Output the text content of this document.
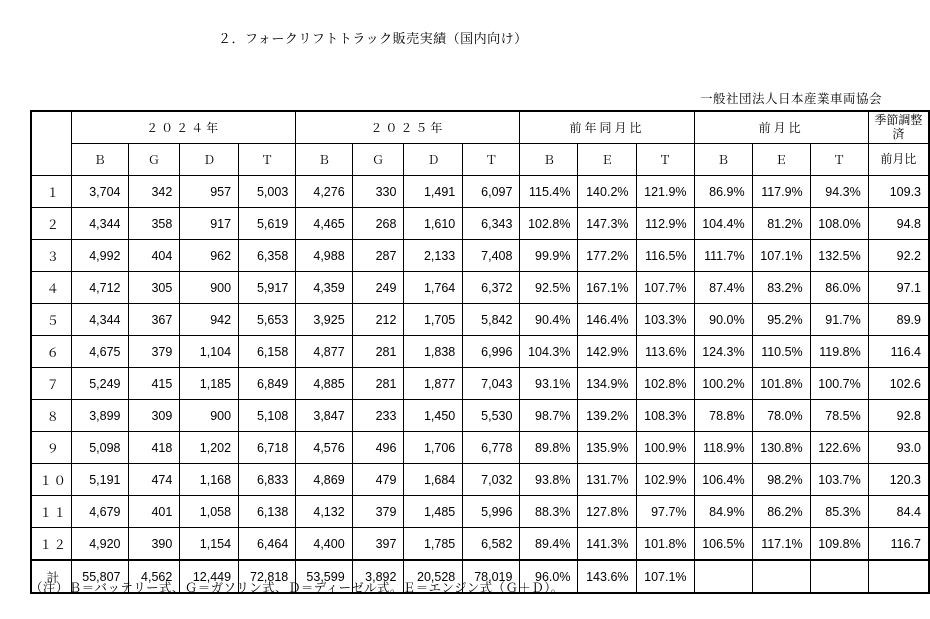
２．フォークリフトトラック販売実績（国内向け）
一般社団法人日本産業車両協会
	２０２４年				２０２５年				前年同月比			前月比			季節調整済
	Ｂ	Ｇ	Ｄ	Ｔ	Ｂ	Ｇ	Ｄ	Ｔ	Ｂ	Ｅ	Ｔ	Ｂ	Ｅ	Ｔ	前月比
１	3,704	342	957	5,003	4,276	330	1,491	6,097	115.4%	140.2%	121.9%	86.9%	117.9%	94.3%	109.3
２	4,344	358	917	5,619	4,465	268	1,610	6,343	102.8%	147.3%	112.9%	104.4%	81.2%	108.0%	94.8
３	4,992	404	962	6,358	4,988	287	2,133	7,408	99.9%	177.2%	116.5%	111.7%	107.1%	132.5%	92.2
４	4,712	305	900	5,917	4,359	249	1,764	6,372	92.5%	167.1%	107.7%	87.4%	83.2%	86.0%	97.1
５	4,344	367	942	5,653	3,925	212	1,705	5,842	90.4%	146.4%	103.3%	90.0%	95.2%	91.7%	89.9
６	4,675	379	1,104	6,158	4,877	281	1,838	6,996	104.3%	142.9%	113.6%	124.3%	110.5%	119.8%	116.4
７	5,249	415	1,185	6,849	4,885	281	1,877	7,043	93.1%	134.9%	102.8%	100.2%	101.8%	100.7%	102.6
８	3,899	309	900	5,108	3,847	233	1,450	5,530	98.7%	139.2%	108.3%	78.8%	78.0%	78.5%	92.8
９	5,098	418	1,202	6,718	4,576	496	1,706	6,778	89.8%	135.9%	100.9%	118.9%	130.8%	122.6%	93.0
１０	5,191	474	1,168	6,833	4,869	479	1,684	7,032	93.8%	131.7%	102.9%	106.4%	98.2%	103.7%	120.3
１１	4,679	401	1,058	6,138	4,132	379	1,485	5,996	88.3%	127.8%	97.7%	84.9%	86.2%	85.3%	84.4
１２	4,920	390	1,154	6,464	4,400	397	1,785	6,582	89.4%	141.3%	101.8%	106.5%	117.1%	109.8%	116.7
計	55,807	4,562	12,449	72,818	53,599	3,892	20,528	78,019	96.0%	143.6%	107.1%				
（注）Ｂ＝バッテリー式、Ｇ＝ガソリン式、Ｄ＝ディーゼル式。Ｅ＝エンジン式（Ｇ＋Ｄ）。
